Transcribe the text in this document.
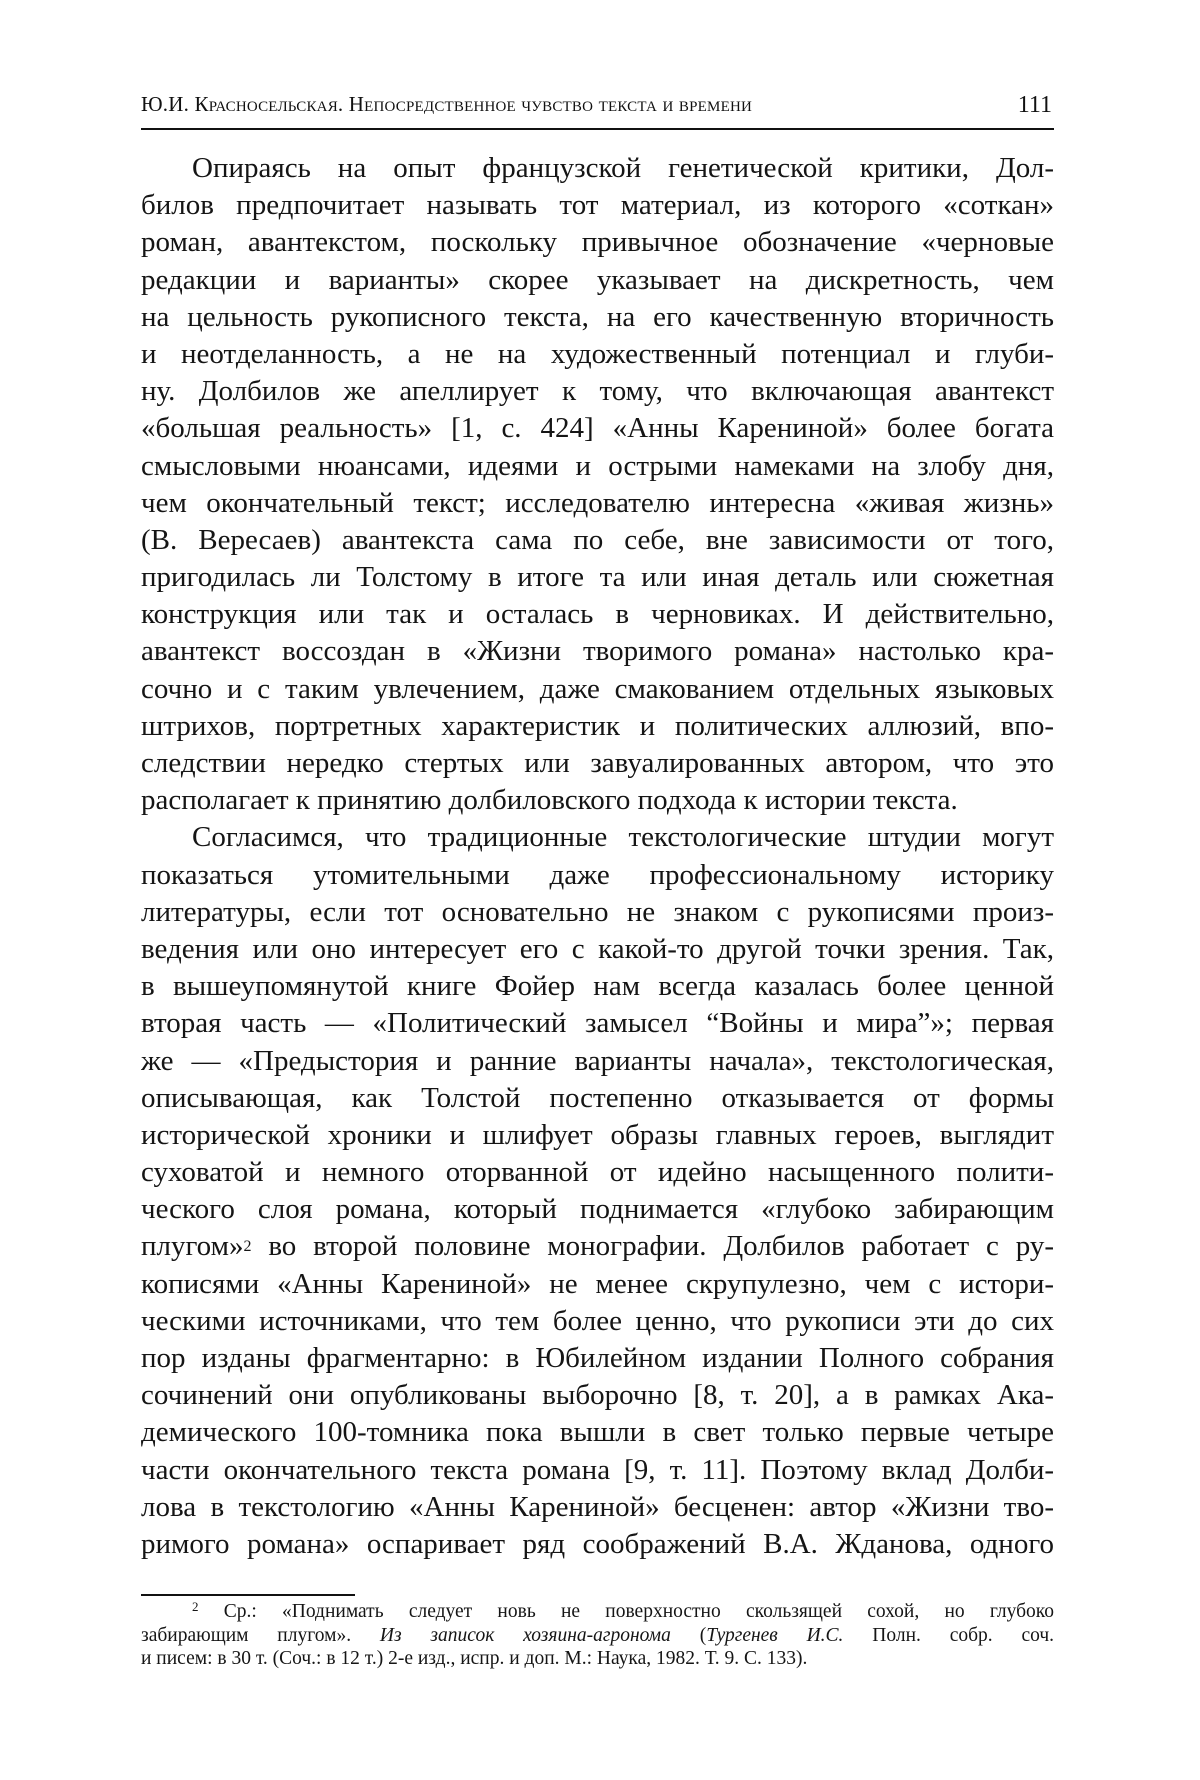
Ю.И. Красносельская. Непосредственное чувство текста и времени	111
Опираясь на опыт французской генетической критики, Дол-
билов предпочитает называть тот материал, из которого «соткан»
роман, авантекстом, поскольку привычное обозначение «черновые
редакции и варианты» скорее указывает на дискретность, чем
на цельность рукописного текста, на его качественную вторичность
и неотделанность, а не на художественный потенциал и глуби-
ну. Долбилов же апеллирует к тому, что включающая авантекст
«большая реальность» [1, с. 424] «Анны Карениной» более богата
смысловыми нюансами, идеями и острыми намеками на злобу дня,
чем окончательный текст; исследователю интересна «живая жизнь»
(В. Вересаев) авантекста сама по себе, вне зависимости от того,
пригодилась ли Толстому в итоге та или иная деталь или сюжетная
конструкция или так и осталась в черновиках. И действительно,
авантекст воссоздан в «Жизни творимого романа» настолько кра-
сочно и с таким увлечением, даже смакованием отдельных языковых
штрихов, портретных характеристик и политических аллюзий, впо-
следствии нередко стертых или завуалированных автором, что это
располагает к принятию долбиловского подхода к истории текста.
Согласимся, что традиционные текстологические штудии могут
показаться утомительными даже профессиональному историку
литературы, если тот основательно не знаком с рукописями произ-
ведения или оно интересует его с какой-то другой точки зрения. Так,
в вышеупомянутой книге Фойер нам всегда казалась более ценной
вторая часть — «Политический замысел “Войны и мира”»; первая
же — «Предыстория и ранние варианты начала», текстологическая,
описывающая, как Толстой постепенно отказывается от формы
исторической хроники и шлифует образы главных героев, выглядит
суховатой и немного оторванной от идейно насыщенного полити-
ческого слоя романа, который поднимается «глубоко забирающим
плугом»$^2$ во второй половине монографии. Долбилов работает с ру-
кописями «Анны Карениной» не менее скрупулезно, чем с истори-
ческими источниками, что тем более ценно, что рукописи эти до сих
пор изданы фрагментарно: в Юбилейном издании Полного собрания
сочинений они опубликованы выборочно [8, т. 20], а в рамках Ака-
демического 100-томника пока вышли в свет только первые четыре
части окончательного текста романа [9, т. 11]. Поэтому вклад Долби-
лова в текстологию «Анны Карениной» бесценен: автор «Жизни тво-
римого романа» оспаривает ряд соображений В.А. Жданова, одного
$^2$ Ср.: «Поднимать следует новь не поверхностно скользящей сохой, но глубоко
забирающим плугом». Из записок хозяина-агронома (Тургенев И.С. Полн. собр. соч.
и писем: в 30 т. (Соч.: в 12 т.) 2-е изд., испр. и доп. М.: Наука, 1982. Т. 9. С. 133).
